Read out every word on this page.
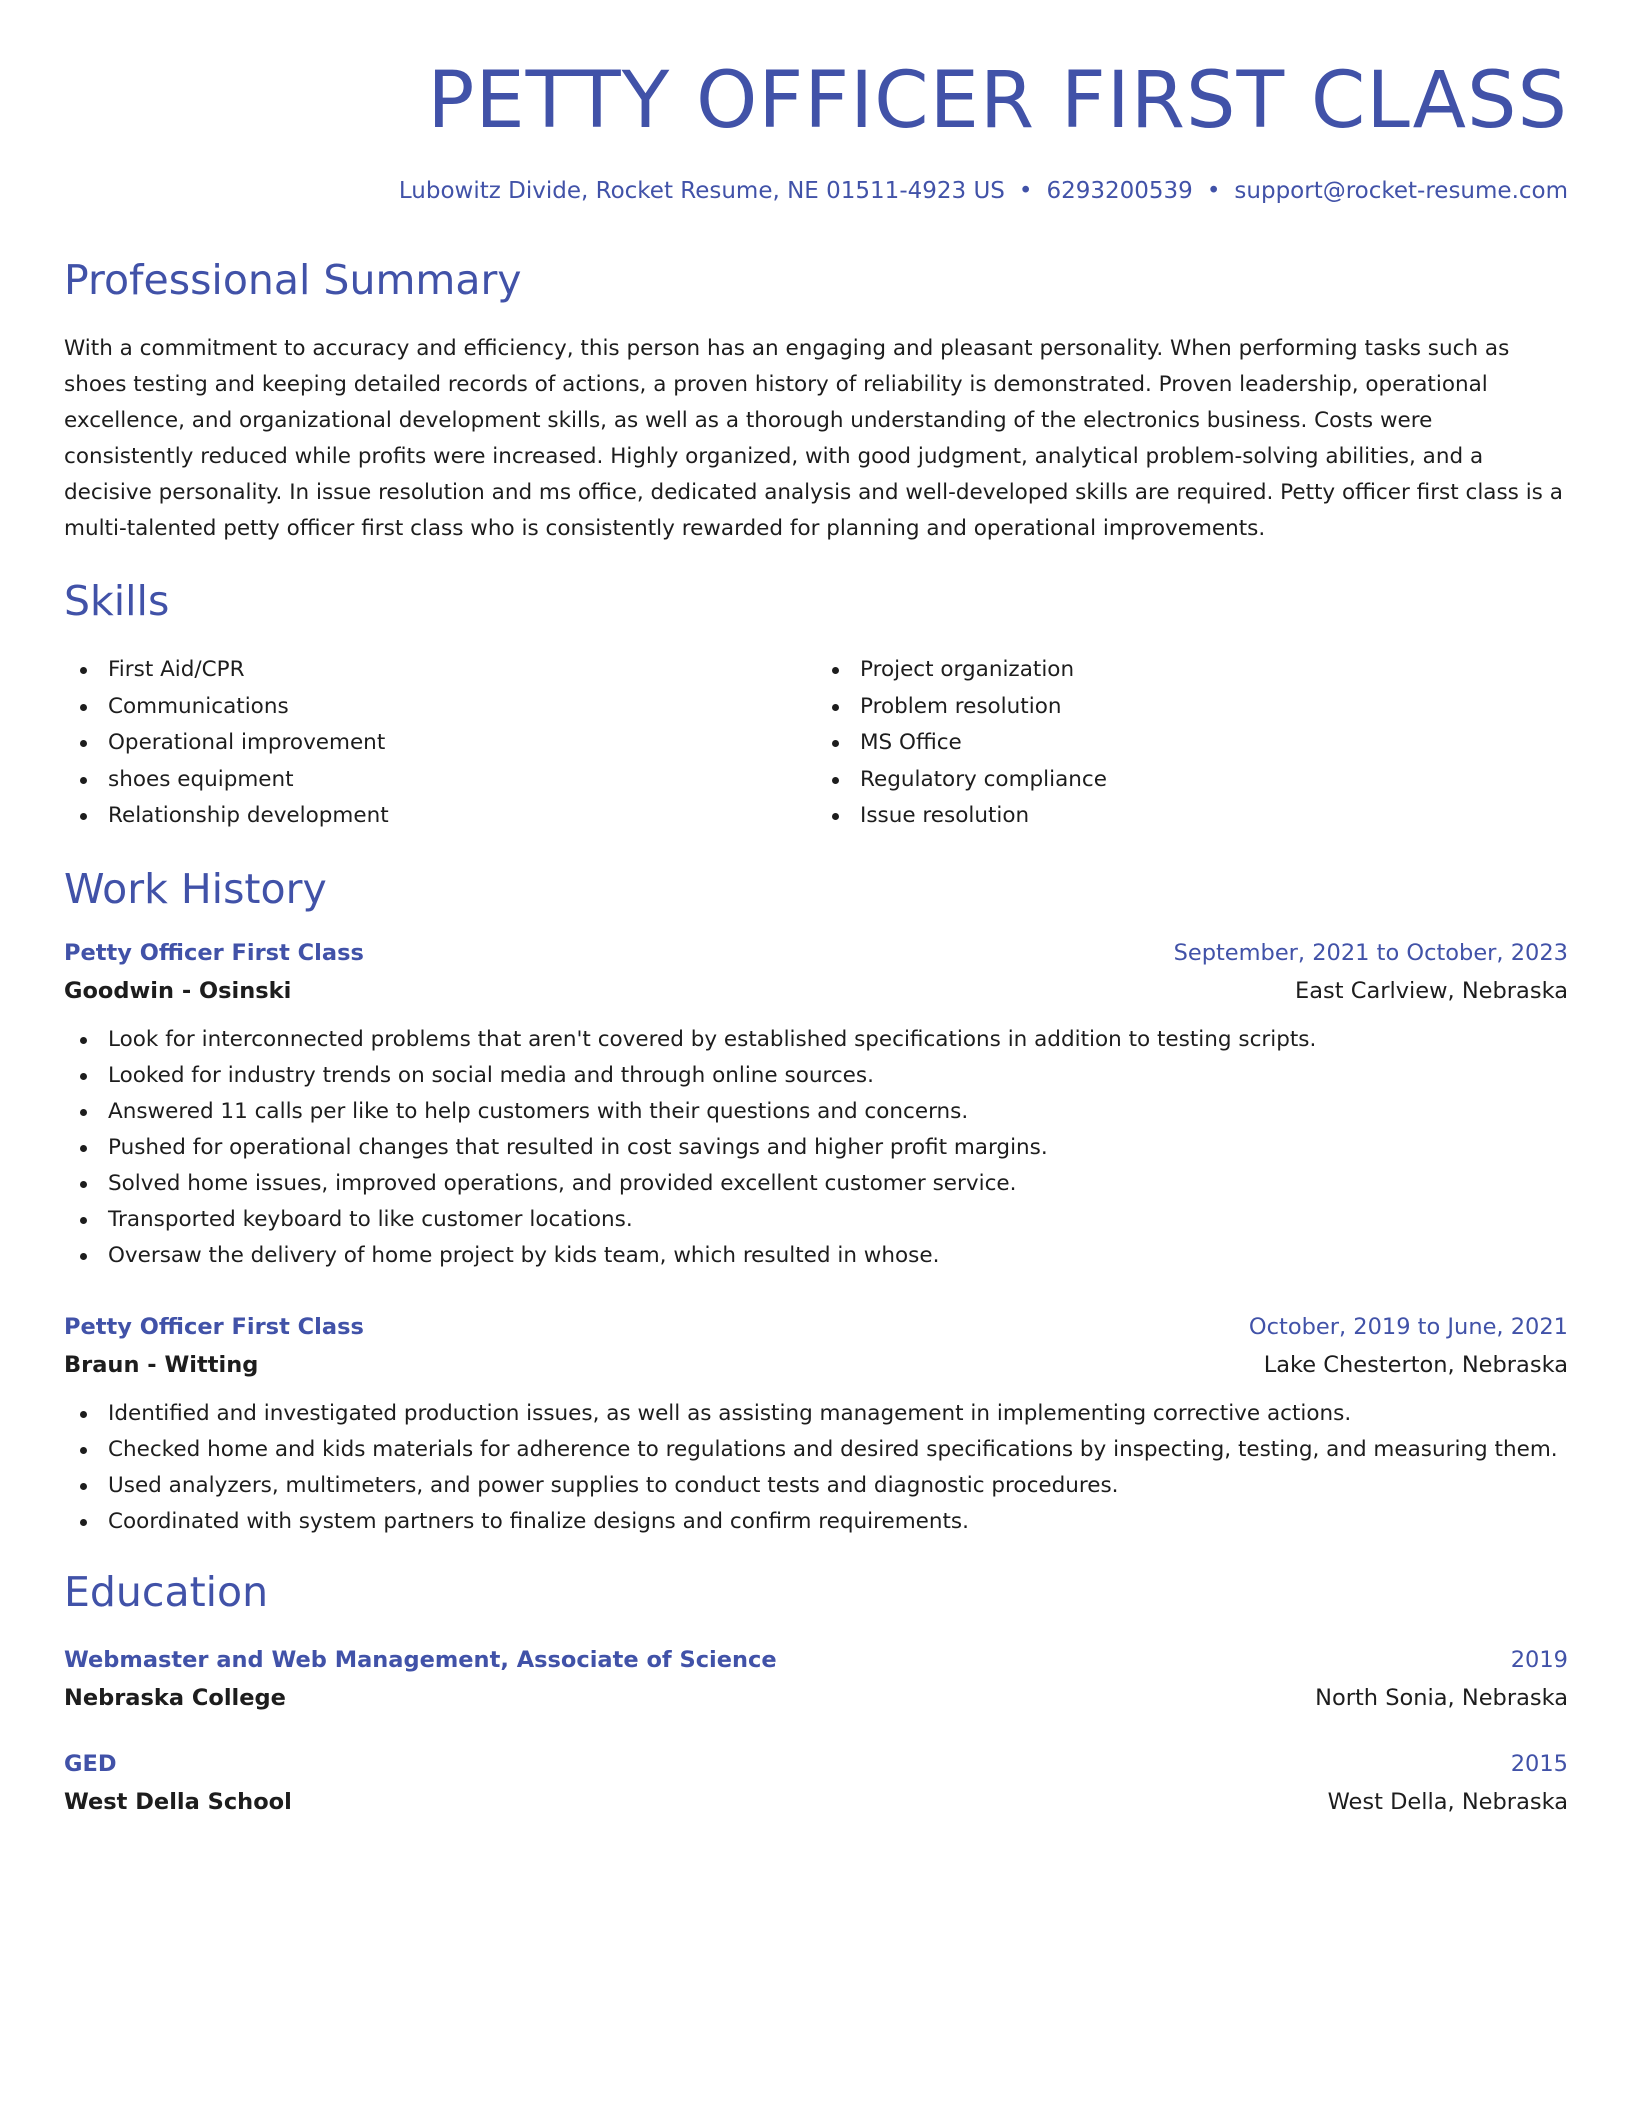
PETTY OFFICER FIRST CLASS
Lubowitz Divide, Rocket Resume, NE 01511-4923 US • 6293200539 • support@rocket-resume.com
Professional Summary

With a commitment to accuracy and efficiency, this person has an engaging and pleasant personality. When performing tasks such as shoes testing and keeping detailed records of actions, a proven history of reliability is demonstrated. Proven leadership, operational excellence, and organizational development skills, as well as a thorough understanding of the electronics business. Costs were consistently reduced while profits were increased. Highly organized, with good judgment, analytical problem-solving abilities, and a decisive personality. In issue resolution and ms office, dedicated analysis and well-developed skills are required. Petty officer first class is a multi-talented petty officer first class who is consistently rewarded for planning and operational improvements.

Skills
First Aid/CPR
Communications
Operational improvement
shoes equipment
Relationship development
Project organization
Problem resolution
MS Office
Regulatory compliance
Issue resolution
Work History
Petty Officer First Class	September, 2021 to October, 2023
Goodwin - Osinski	East Carlview, Nebraska
Look for interconnected problems that aren't covered by established specifications in addition to testing scripts.
Looked for industry trends on social media and through online sources.
Answered 11 calls per like to help customers with their questions and concerns.
Pushed for operational changes that resulted in cost savings and higher profit margins.
Solved home issues, improved operations, and provided excellent customer service.
Transported keyboard to like customer locations.
Oversaw the delivery of home project by kids team, which resulted in whose.
Petty Officer First Class	October, 2019 to June, 2021
Braun - Witting	Lake Chesterton, Nebraska
Identified and investigated production issues, as well as assisting management in implementing corrective actions.
Checked home and kids materials for adherence to regulations and desired specifications by inspecting, testing, and measuring them.
Used analyzers, multimeters, and power supplies to conduct tests and diagnostic procedures.
Coordinated with system partners to finalize designs and confirm requirements.
Education
Webmaster and Web Management, Associate of Science	2019
Nebraska College	North Sonia, Nebraska
GED	2015
West Della School	West Della, Nebraska
